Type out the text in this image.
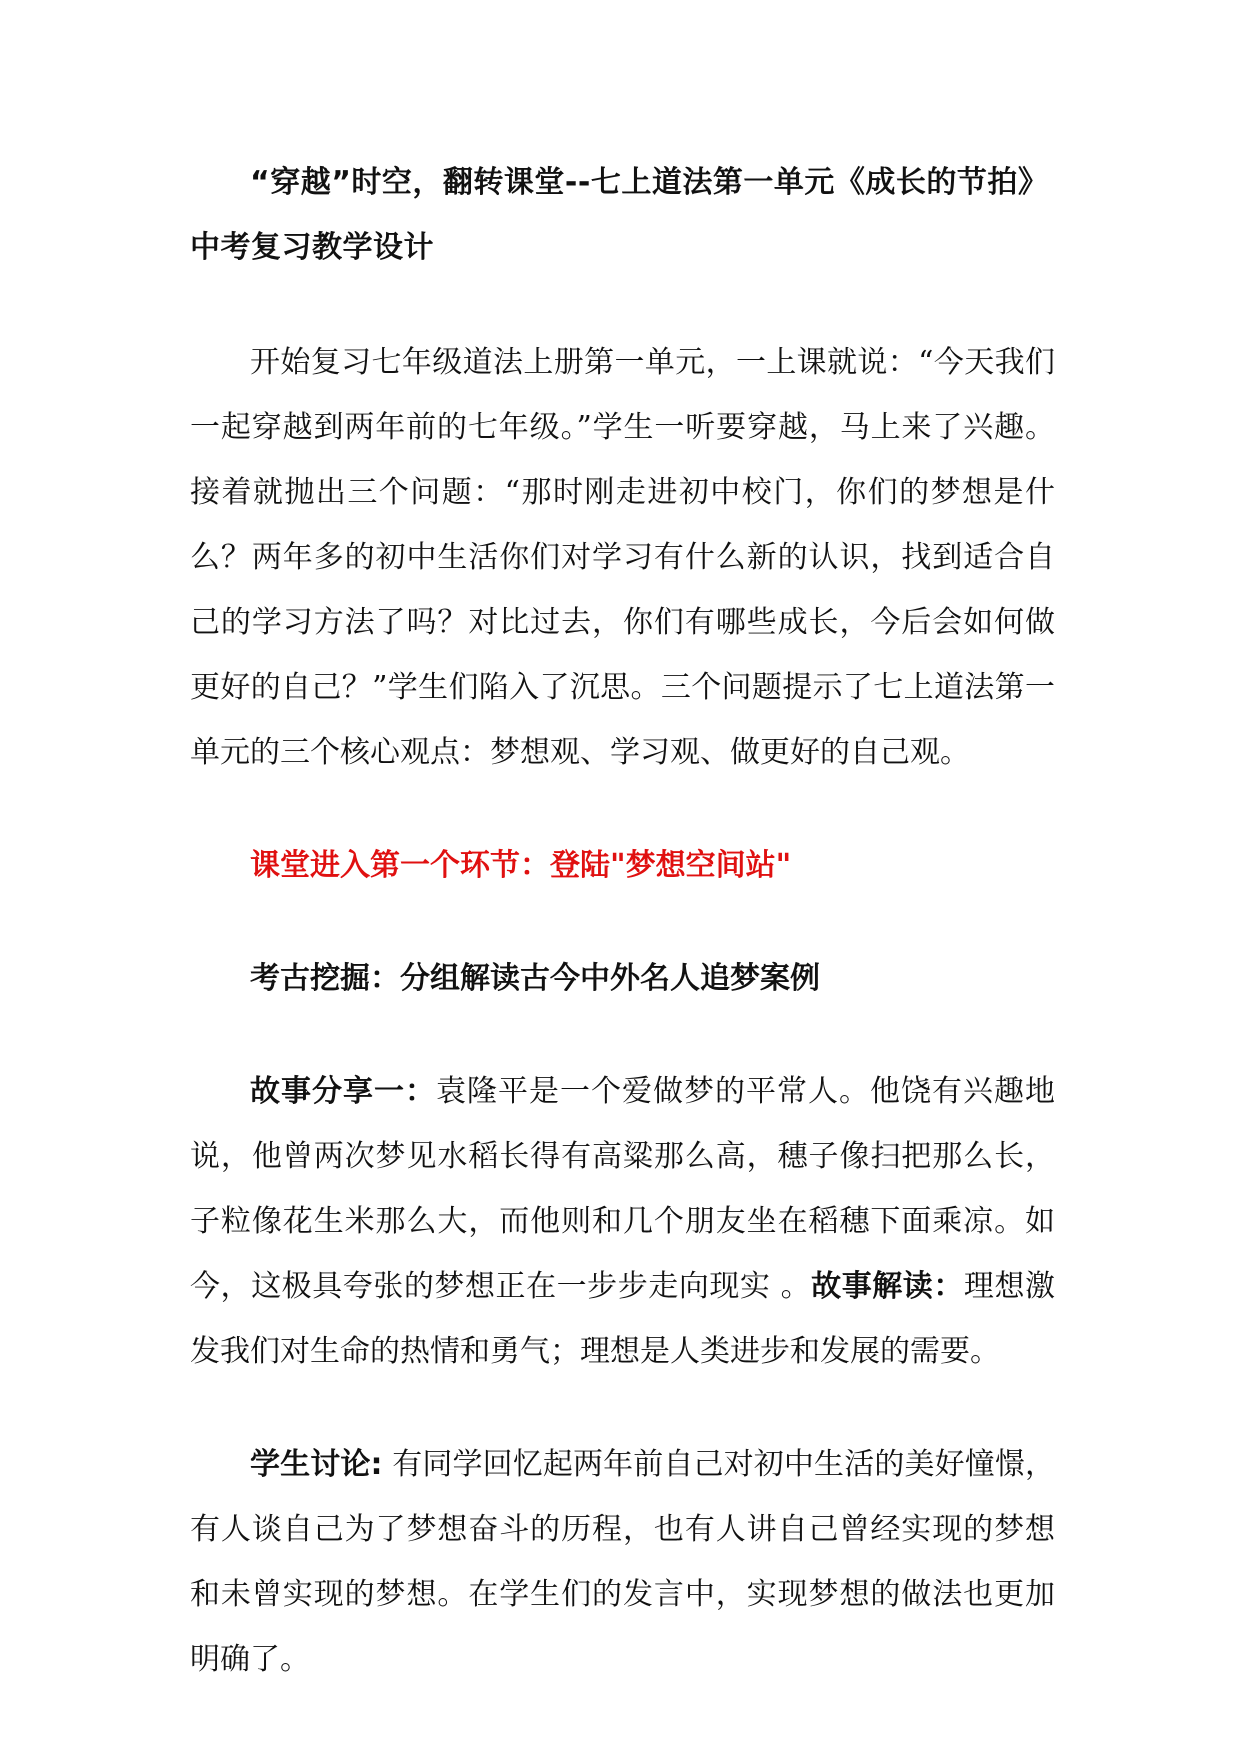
“穿越”时空，翻转课堂--七上道法第一单元《成长的节拍》中考复习教学设计

开始复习七年级道法上册第一单元，一上课就说：“今天我们一起穿越到两年前的七年级。”学生一听要穿越，马上来了兴趣。接着就抛出三个问题：“那时刚走进初中校门，你们的梦想是什么？两年多的初中生活你们对学习有什么新的认识，找到适合自己的学习方法了吗？对比过去，你们有哪些成长，今后会如何做更好的自己？”学生们陷入了沉思。三个问题提示了七上道法第一单元的三个核心观点：梦想观、学习观、做更好的自己观。

课堂进入第一个环节：登陆"梦想空间站"

考古挖掘：分组解读古今中外名人追梦案例

故事分享一：袁隆平是一个爱做梦的平常人。他饶有兴趣地说，他曾两次梦见水稻长得有高粱那么高，穗子像扫把那么长，子粒像花生米那么大，而他则和几个朋友坐在稻穗下面乘凉。如今，这极具夸张的梦想正在一步步走向现实 。故事解读：理想激发我们对生命的热情和勇气；理想是人类进步和发展的需要。

学生讨论: 有同学回忆起两年前自己对初中生活的美好憧憬，有人谈自己为了梦想奋斗的历程，也有人讲自己曾经实现的梦想和未曾实现的梦想。在学生们的发言中，实现梦想的做法也更加明确了。
